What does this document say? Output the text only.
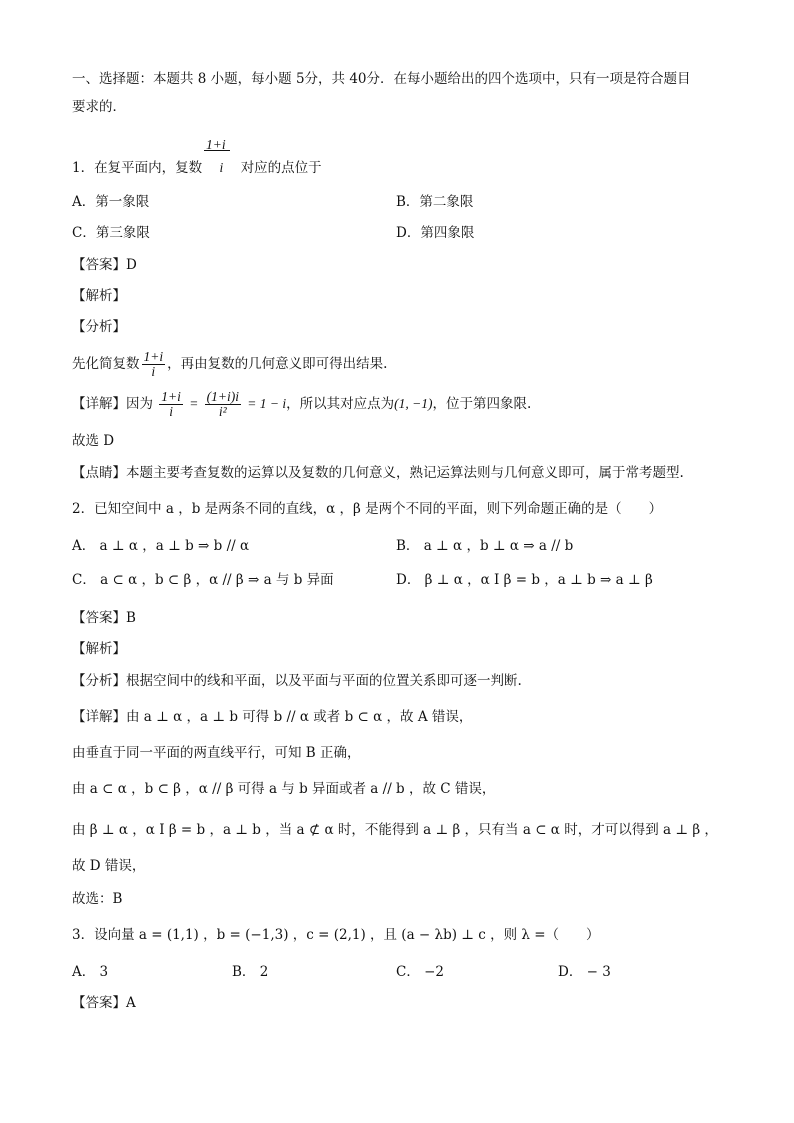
一、选择题：本题共 8 小题，每小题 5分，共 40分．在每小题给出的四个选项中，只有一项是符合题目
要求的．
1+i
1．在复平面内，复数 i 对应的点位于
A．第一象限	B．第二象限
C．第三象限	D．第四象限
【答案】D
【解析】
【分析】
先化简复数 $\frac{1+i}{i}$ ，再由复数的几何意义即可得出结果.
【详解】因为 $\frac{1+i}{i} = \frac{(1+i)i}{\text{i²}} = 1 - i$，所以其对应点为(1, −1)，位于第四象限.
故选 D
【点睛】本题主要考查复数的运算以及复数的几何意义，熟记运算法则与几何意义即可，属于常考题型.
2．已知空间中 a ，b 是两条不同的直线，α ，β 是两个不同的平面，则下列命题正确的是（　　）
A． a ⊥ α ，a ⊥ b ⇒ b // α	B． a ⊥ α ，b ⊥ α ⇒ a // b
C． a ⊂ α ，b ⊂ β ，α // β ⇒ a 与 b 异面	D． β ⊥ α ，α I β = b ，a ⊥ b ⇒ a ⊥ β
【答案】B
【解析】
【分析】根据空间中的线和平面，以及平面与平面的位置关系即可逐一判断.
【详解】由 a ⊥ α ，a ⊥ b 可得 b // α 或者 b ⊂ α ，故 A 错误，
由垂直于同一平面的两直线平行，可知 B 正确，
由 a ⊂ α ，b ⊂ β ，α // β 可得 a 与 b 异面或者 a // b ，故 C 错误，
由 β ⊥ α ，α I β = b ，a ⊥ b ，当 a ⊄ α 时，不能得到 a ⊥ β ，只有当 a ⊂ α 时，才可以得到 a ⊥ β ，
故 D 错误，
故选：B
3．设向量 a = (1,1) ，b = (−1,3) ，c = (2,1) ，且 (a − λb) ⊥ c ，则 λ =（　　）
A． 3	B． 2	C． −2	D． − 3
【答案】A
